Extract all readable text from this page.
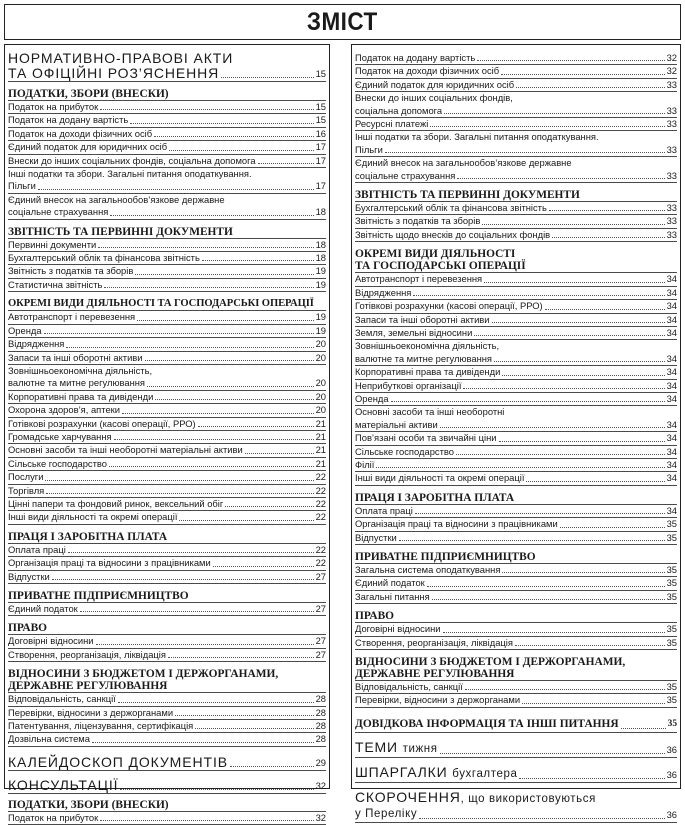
ЗМІСТ
НОРМАТИВНО-ПРАВОВІ АКТИ
ТА ОФІЦІЙНІ РОЗ’ЯСНЕННЯ	15
ПОДАТКИ, ЗБОРИ (ВНЕСКИ)
Податок на прибуток	15
Податок на додану вартість	15
Податок на доходи фізичних осіб	16
Єдиний податок для юридичних осіб	17
Внески до інших соціальних фондів, соціальна допомога	17
Інші податки та збори. Загальні питання оподаткування.
Пільги	17
Єдиний внесок на загальнообов’язкове державне
соціальне страхування	18
ЗВІТНІСТЬ ТА ПЕРВИННІ ДОКУМЕНТИ
Первинні документи	18
Бухгалтерський облік та фінансова звітність	18
Звітність з податків та зборів	19
Статистична звітність	19
ОКРЕМІ ВИДИ ДІЯЛЬНОСТІ ТА ГОСПОДАРСЬКІ ОПЕРАЦІЇ
Автотранспорт і перевезення	19
Оренда	19
Відрядження	20
Запаси та інші оборотні активи	20
Зовнішньоекономічна діяльність,
валютне та митне регулювання	20
Корпоративні права та дивіденди	20
Охорона здоров’я, аптеки	20
Готівкові розрахунки (касові операції, РРО)	21
Громадське харчування	21
Основні засоби та інші необоротні матеріальні активи	21
Сільське господарство	21
Послуги	22
Торгівля	22
Цінні папери та фондовий ринок, вексельний обіг	22
Інші види діяльності та окремі операції	22
ПРАЦЯ І ЗАРОБІТНА ПЛАТА
Оплата праці	22
Організація праці та відносини з працівниками	22
Відпустки	27
ПРИВАТНЕ ПІДПРИЄМНИЦТВО
Єдиний податок	27
ПРАВО
Договірні відносини	27
Створення, реорганізація, ліквідація	27
ВІДНОСИНИ З БЮДЖЕТОМ І ДЕРЖОРГАНАМИ,
ДЕРЖАВНЕ РЕГУЛЮВАННЯ
Відповідальність, санкції	28
Перевірки, відносини з держорганами	28
Патентування, ліцензування, сертифікація	28
Дозвільна система	28
КАЛЕЙДОСКОП ДОКУМЕНТІВ	29
КОНСУЛЬТАЦІЇ	32
ПОДАТКИ, ЗБОРИ (ВНЕСКИ)
Податок на прибуток	32
Податок на додану вартість	32
Податок на доходи фізичних осіб	32
Єдиний податок для юридичних осіб	33
Внески до інших соціальних фондів,
соціальна допомога	33
Ресурсні платежі	33
Інші податки та збори. Загальні питання оподаткування.
Пільги	33
Єдиний внесок на загальнообов’язкове державне
соціальне страхування	33
ЗВІТНІСТЬ ТА ПЕРВИННІ ДОКУМЕНТИ
Бухгалтерський облік та фінансова звітність	33
Звітність з податків та зборів	33
Звітність щодо внесків до соціальних фондів	33
ОКРЕМІ ВИДИ ДІЯЛЬНОСТІ
ТА ГОСПОДАРСЬКІ ОПЕРАЦІЇ
Автотранспорт і перевезення	34
Відрядження	34
Готівкові розрахунки (касові операції, РРО)	34
Запаси та інші оборотні активи	34
Земля, земельні відносини	34
Зовнішньоекономічна діяльність,
валютне та митне регулювання	34
Корпоративні права та дивіденди	34
Неприбуткові організації	34
Оренда	34
Основні засоби та інші необоротні
матеріальні активи	34
Пов’язані особи та звичайні ціни	34
Сільське господарство	34
Філії	34
Інші види діяльності та окремі операції	34
ПРАЦЯ І ЗАРОБІТНА ПЛАТА
Оплата праці	34
Організація праці та відносини з працівниками	35
Відпустки	35
ПРИВАТНЕ ПІДПРИЄМНИЦТВО
Загальна система оподаткування	35
Єдиний податок	35
Загальні питання	35
ПРАВО
Договірні відносини	35
Створення, реорганізація, ліквідація	35
ВІДНОСИНИ З БЮДЖЕТОМ І ДЕРЖОРГАНАМИ,
ДЕРЖАВНЕ РЕГУЛЮВАННЯ
Відповідальність, санкції	35
Перевірки, відносини з держорганами	35
ДОВІДКОВА ІНФОРМАЦІЯ ТА ІНШІ ПИТАННЯ	35
ТЕМИ тижня	36
ШПАРГАЛКИ бухгалтера	36
СКОРОЧЕННЯ, що використовуються
у Переліку	36
